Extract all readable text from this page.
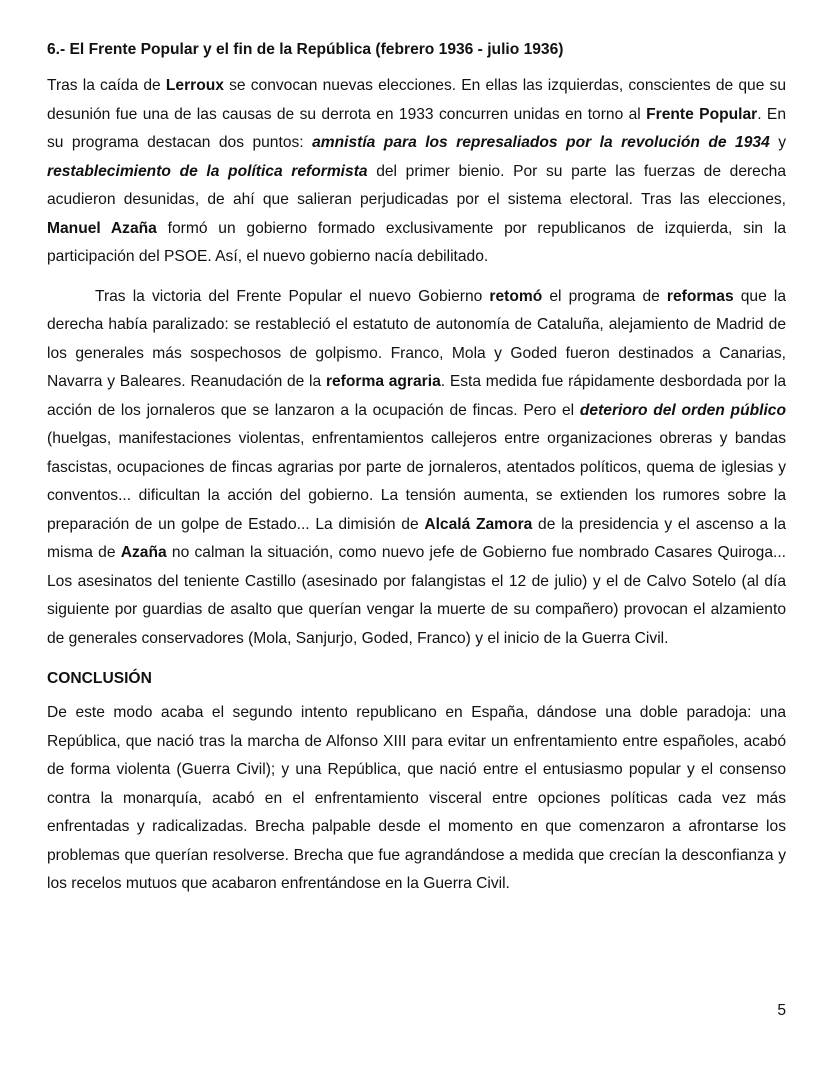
6.- El Frente Popular y el fin de la República (febrero 1936 - julio 1936)

Tras la caída de Lerroux se convocan nuevas elecciones. En ellas las izquierdas, conscientes de que su desunión fue una de las causas de su derrota en 1933 concurren unidas en torno al Frente Popular. En su programa destacan dos puntos: amnistía para los represaliados por la revolución de 1934 y restablecimiento de la política reformista del primer bienio. Por su parte las fuerzas de derecha acudieron desunidas, de ahí que salieran perjudicadas por el sistema electoral. Tras las elecciones, Manuel Azaña formó un gobierno formado exclusivamente por republicanos de izquierda, sin la participación del PSOE. Así, el nuevo gobierno nacía debilitado.

Tras la victoria del Frente Popular el nuevo Gobierno retomó el programa de reformas que la derecha había paralizado: se restableció el estatuto de autonomía de Cataluña, alejamiento de Madrid de los generales más sospechosos de golpismo. Franco, Mola y Goded fueron destinados a Canarias, Navarra y Baleares. Reanudación de la reforma agraria. Esta medida fue rápidamente desbordada por la acción de los jornaleros que se lanzaron a la ocupación de fincas. Pero el deterioro del orden público (huelgas, manifestaciones violentas, enfrentamientos callejeros entre organizaciones obreras y bandas fascistas, ocupaciones de fincas agrarias por parte de jornaleros, atentados políticos, quema de iglesias y conventos... dificultan la acción del gobierno. La tensión aumenta, se extienden los rumores sobre la preparación de un golpe de Estado... La dimisión de Alcalá Zamora de la presidencia y el ascenso a la misma de Azaña no calman la situación, como nuevo jefe de Gobierno fue nombrado Casares Quiroga... Los asesinatos del teniente Castillo (asesinado por falangistas el 12 de julio) y el de Calvo Sotelo (al día siguiente por guardias de asalto que querían vengar la muerte de su compañero) provocan el alzamiento de generales conservadores (Mola, Sanjurjo, Goded, Franco) y el inicio de la Guerra Civil.

CONCLUSIÓN

De este modo acaba el segundo intento republicano en España, dándose una doble paradoja: una República, que nació tras la marcha de Alfonso XIII para evitar un enfrentamiento entre españoles, acabó de forma violenta (Guerra Civil); y una República, que nació entre el entusiasmo popular y el consenso contra la monarquía, acabó en el enfrentamiento visceral entre opciones políticas cada vez más enfrentadas y radicalizadas. Brecha palpable desde el momento en que comenzaron a afrontarse los problemas que querían resolverse. Brecha que fue agrandándose a medida que crecían la desconfianza y los recelos mutuos que acabaron enfrentándose en la Guerra Civil.

5
